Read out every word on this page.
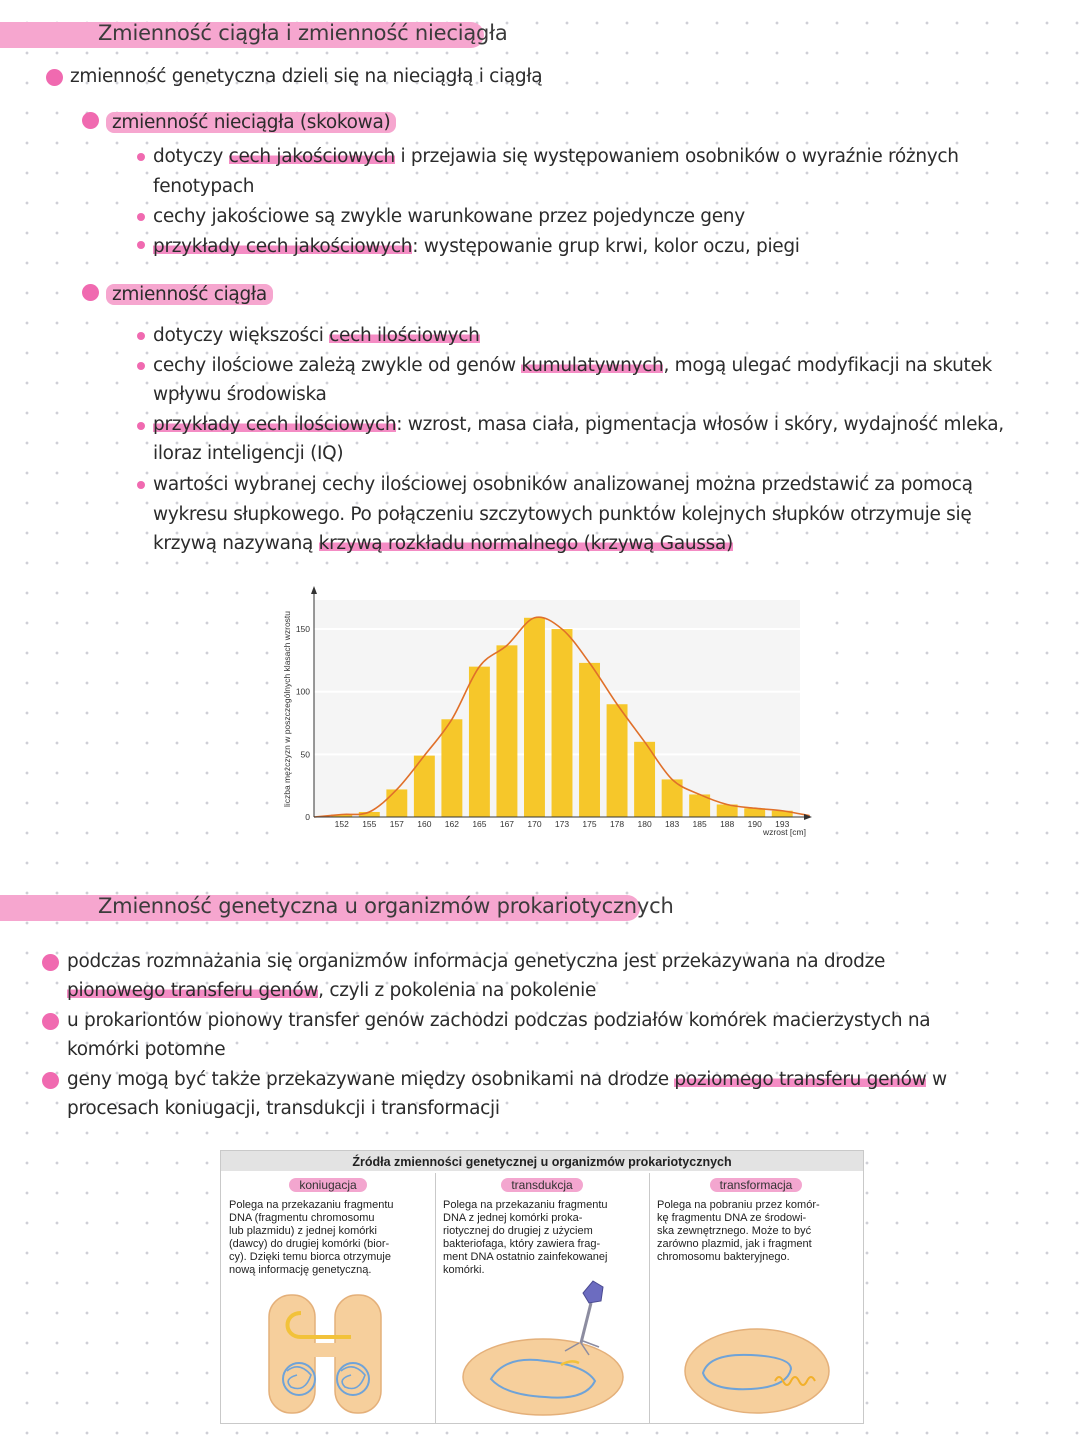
Zmienność ciągła i zmienność nieciągła
zmienność genetyczna dzieli się na nieciągłą i ciągłą
zmienność nieciągła (skokowa)
dotyczy cech jakościowych i przejawia się występowaniem osobników o wyraźnie różnych
fenotypach
cechy jakościowe są zwykle warunkowane przez pojedyncze geny
przykłady cech jakościowych: występowanie grup krwi, kolor oczu, piegi
zmienność ciągła
dotyczy większości cech ilościowych
cechy ilościowe zależą zwykle od genów kumulatywnych, mogą ulegać modyfikacji na skutek
wpływu środowiska
przykłady cech ilościowych: wzrost, masa ciała, pigmentacja włosów i skóry, wydajność mleka,
iloraz inteligencji (IQ)
wartości wybranej cechy ilościowej osobników analizowanej można przedstawić za pomocą
wykresu słupkowego. Po połączeniu szczytowych punktów kolejnych słupków otrzymuje się
krzywą nazywaną krzywą rozkładu normalnego (krzywą Gaussa)
0
50
100
150
152 155 157 160 162 165 167 170 173 175 178 180 183 185 188 190 193
wzrost [cm]
liczba mężczyzn w poszczególnych klasach wzrostu
Zmienność genetyczna u organizmów prokariotycznych
podczas rozmnażania się organizmów informacja genetyczna jest przekazywana na drodze
pionowego transferu genów, czyli z pokolenia na pokolenie
u prokariontów pionowy transfer genów zachodzi podczas podziałów komórek macierzystych na
komórki potomne
geny mogą być także przekazywane między osobnikami na drodze poziomego transferu genów w
procesach koniugacji, transdukcji i transformacji
Źródła zmienności genetycznej u organizmów prokariotycznych
koniugacja
Polega na przekazaniu fragmentu
DNA (fragmentu chromosomu
lub plazmidu) z jednej komórki
(dawcy) do drugiej komórki (bior-
cy). Dzięki temu biorca otrzymuje
nową informację genetyczną.
transdukcja
Polega na przekazaniu fragmentu
DNA z jednej komórki proka-
riotycznej do drugiej z użyciem
bakteriofaga, który zawiera frag-
ment DNA ostatnio zainfekowanej
komórki.
transformacja
Polega na pobraniu przez komór-
kę fragmentu DNA ze środowi-
ska zewnętrznego. Może to być
zarówno plazmid, jak i fragment
chromosomu bakteryjnego.
